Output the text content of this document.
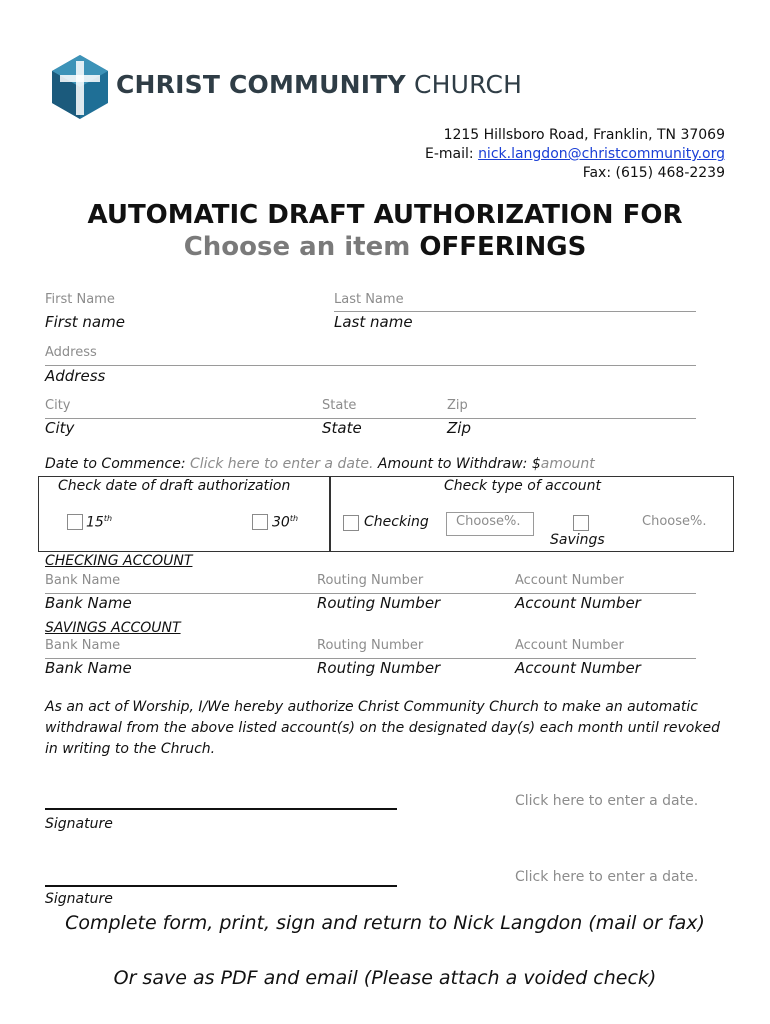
CHRIST COMMUNITY CHURCH
1215 Hillsboro Road, Franklin, TN 37069
E-mail: nick.langdon@christcommunity.org
Fax: (615) 468-2239
AUTOMATIC DRAFT AUTHORIZATION FOR
Choose an item OFFERINGS
First Name
First name
Last Name
Last name
Address
Address
City	State	Zip
City	State	Zip
Date to Commence: Click here to enter a date. Amount to Withdraw: $amount
Check date of draft authorization	Check type of account
15th	30th	Checking Choose%.	Choose%.
Savings
CHECKING ACCOUNT
Bank Name	Routing Number	Account Number
Bank Name	Routing Number	Account Number
SAVINGS ACCOUNT
Bank Name	Routing Number	Account Number
Bank Name	Routing Number	Account Number
As an act of Worship, I/We hereby authorize Christ Community Church to make an automatic withdrawal from the above listed account(s) on the designated day(s) each month until revoked in writing to the Chruch.
Click here to enter a date.
Signature
Click here to enter a date.
Signature
Complete form, print, sign and return to Nick Langdon (mail or fax)
Or save as PDF and email (Please attach a voided check)
